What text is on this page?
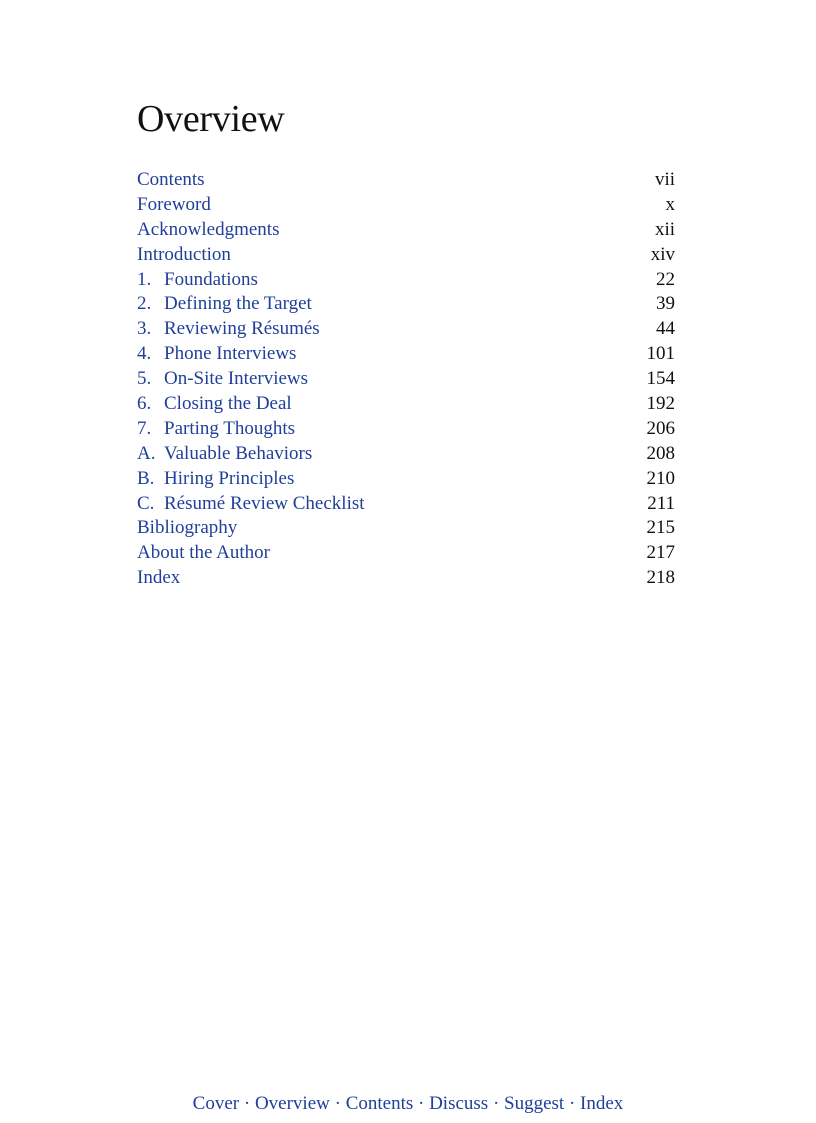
Overview
Contents	vii
Foreword	x
Acknowledgments	xii
Introduction	xiv
1. Foundations	22
2. Defining the Target	39
3. Reviewing Résumés	44
4. Phone Interviews	101
5. On-Site Interviews	154
6. Closing the Deal	192
7. Parting Thoughts	206
A. Valuable Behaviors	208
B. Hiring Principles	210
C. Résumé Review Checklist	211
Bibliography	215
About the Author	217
Index	218
Cover · Overview · Contents · Discuss · Suggest · Index
